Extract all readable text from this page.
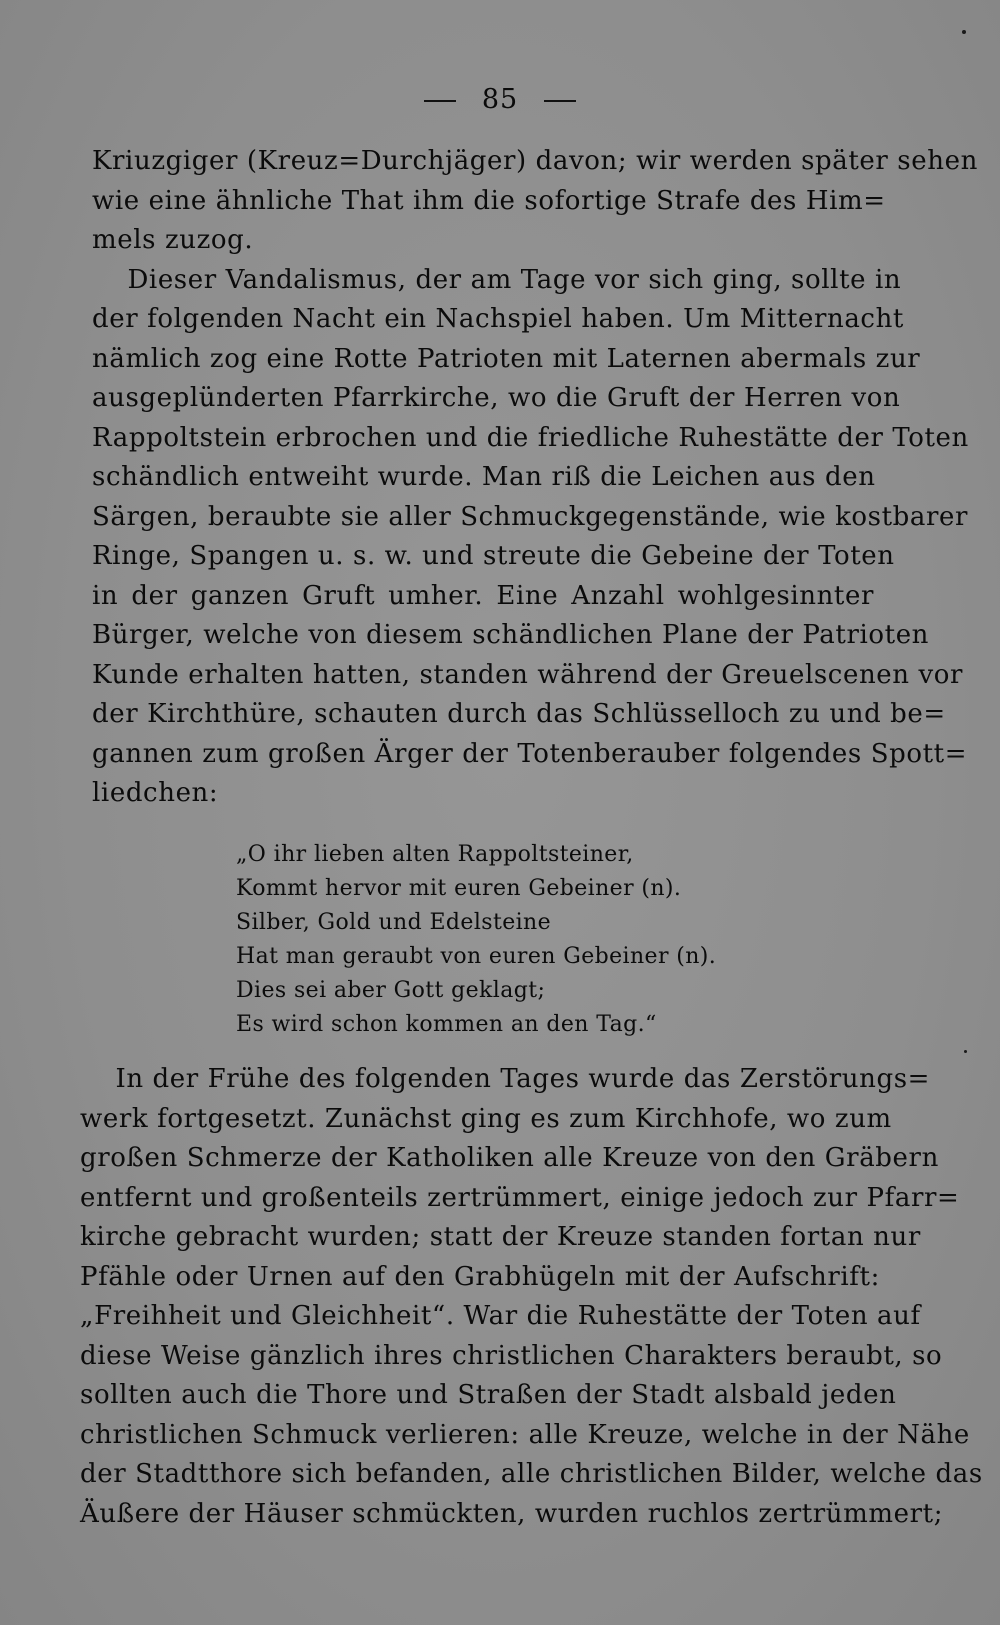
85
Kriuzgiger (Kreuz=Durchjäger) davon; wir werden später sehen
wie eine ähnliche That ihm die sofortige Strafe des Him=
mels zuzog.
Dieser Vandalismus, der am Tage vor sich ging, sollte in
der folgenden Nacht ein Nachspiel haben. Um Mitternacht
nämlich zog eine Rotte Patrioten mit Laternen abermals zur
ausgeplünderten Pfarrkirche, wo die Gruft der Herren von
Rappoltstein erbrochen und die friedliche Ruhestätte der Toten
schändlich entweiht wurde. Man riß die Leichen aus den
Särgen, beraubte sie aller Schmuckgegenstände, wie kostbarer
Ringe, Spangen u. s. w. und streute die Gebeine der Toten
in der ganzen Gruft umher. Eine Anzahl wohlgesinnter
Bürger, welche von diesem schändlichen Plane der Patrioten
Kunde erhalten hatten, standen während der Greuelscenen vor
der Kirchthüre, schauten durch das Schlüsselloch zu und be=
gannen zum großen Ärger der Totenberauber folgendes Spott=
liedchen:
„O ihr lieben alten Rappoltsteiner,
Kommt hervor mit euren Gebeiner (n).
Silber, Gold und Edelsteine
Hat man geraubt von euren Gebeiner (n).
Dies sei aber Gott geklagt;
Es wird schon kommen an den Tag.“
In der Frühe des folgenden Tages wurde das Zerstörungs=
werk fortgesetzt. Zunächst ging es zum Kirchhofe, wo zum
großen Schmerze der Katholiken alle Kreuze von den Gräbern
entfernt und großenteils zertrümmert, einige jedoch zur Pfarr=
kirche gebracht wurden; statt der Kreuze standen fortan nur
Pfähle oder Urnen auf den Grabhügeln mit der Aufschrift:
„Freihheit und Gleichheit“. War die Ruhestätte der Toten auf
diese Weise gänzlich ihres christlichen Charakters beraubt, so
sollten auch die Thore und Straßen der Stadt alsbald jeden
christlichen Schmuck verlieren: alle Kreuze, welche in der Nähe
der Stadtthore sich befanden, alle christlichen Bilder, welche das
Äußere der Häuser schmückten, wurden ruchlos zertrümmert;
